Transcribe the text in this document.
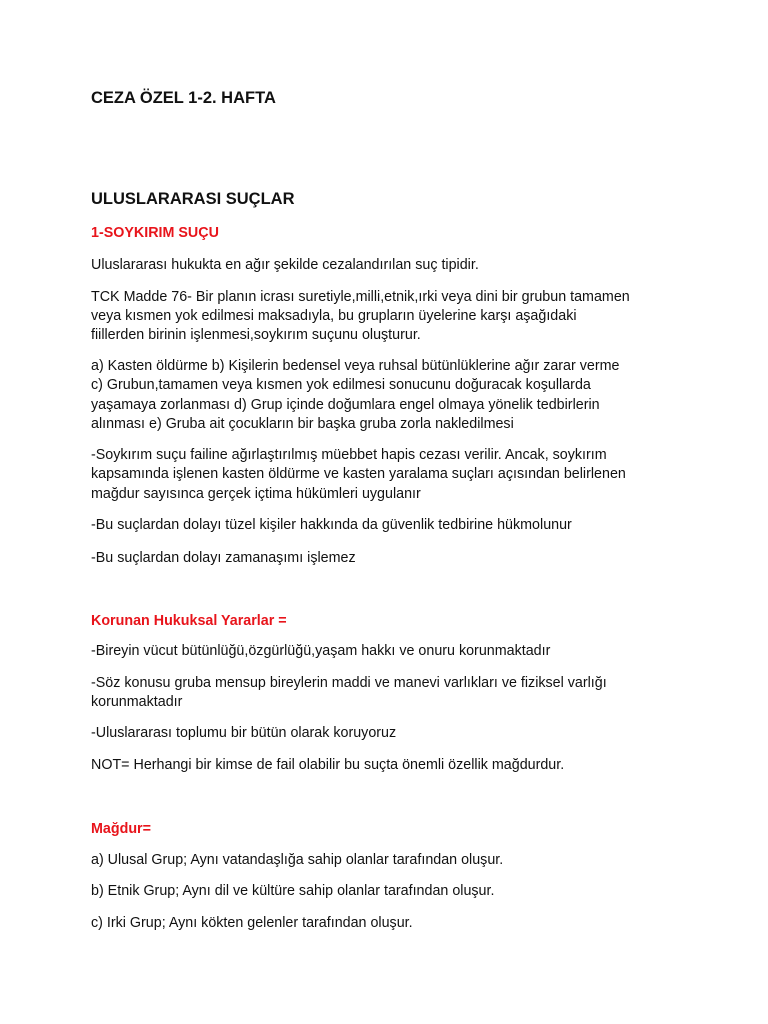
CEZA ÖZEL 1-2. HAFTA
ULUSLARARASI SUÇLAR
1-SOYKIRIM SUÇU
Uluslararası hukukta en ağır şekilde cezalandırılan suç tipidir.
TCK Madde 76- Bir planın icrası suretiyle,milli,etnik,ırki veya dini bir grubun tamamen
veya kısmen yok edilmesi maksadıyla, bu grupların üyelerine karşı aşağıdaki
fiillerden birinin işlenmesi,soykırım suçunu oluşturur.
a) Kasten öldürme b) Kişilerin bedensel veya ruhsal bütünlüklerine ağır zarar verme
c) Grubun,tamamen veya kısmen yok edilmesi sonucunu doğuracak koşullarda
yaşamaya zorlanması d) Grup içinde doğumlara engel olmaya yönelik tedbirlerin
alınması e) Gruba ait çocukların bir başka gruba zorla nakledilmesi
-Soykırım suçu failine ağırlaştırılmış müebbet hapis cezası verilir. Ancak, soykırım
kapsamında işlenen kasten öldürme ve kasten yaralama suçları açısından belirlenen
mağdur sayısınca gerçek içtima hükümleri uygulanır
-Bu suçlardan dolayı tüzel kişiler hakkında da güvenlik tedbirine hükmolunur
-Bu suçlardan dolayı zamanaşımı işlemez
Korunan Hukuksal Yararlar =
-Bireyin vücut bütünlüğü,özgürlüğü,yaşam hakkı ve onuru korunmaktadır
-Söz konusu gruba mensup bireylerin maddi ve manevi varlıkları ve fiziksel varlığı
korunmaktadır
-Uluslararası toplumu bir bütün olarak koruyoruz
NOT= Herhangi bir kimse de fail olabilir bu suçta önemli özellik mağdurdur.
Mağdur=
a) Ulusal Grup; Aynı vatandaşlığa sahip olanlar tarafından oluşur.
b) Etnik Grup; Aynı dil ve kültüre sahip olanlar tarafından oluşur.
c) Irki Grup; Aynı kökten gelenler tarafından oluşur.
